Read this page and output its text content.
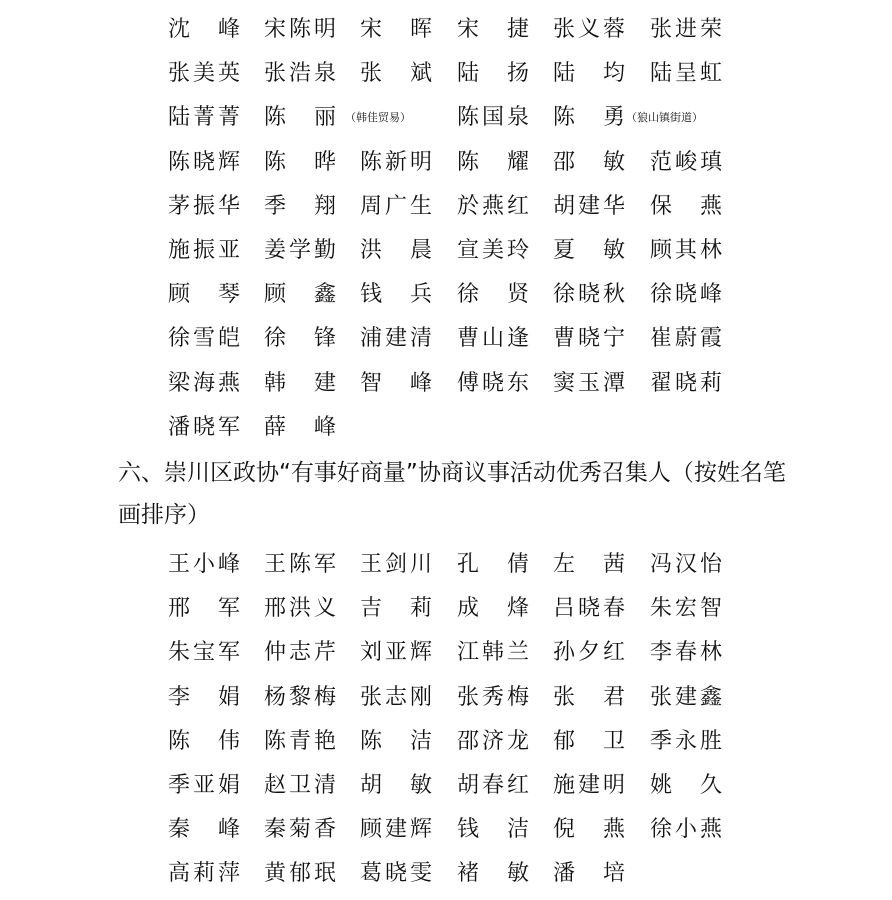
沈 峰 宋 陈 明 宋 晖 宋 捷 张 义 蓉 张 进 荣
张 美 英 张 浩 泉 张 斌 陆 扬 陆 均 陆 呈 虹
陆 菁 菁 陈 丽	陈 国 泉 陈 勇
（韩佳贸易）	（狼山镇街道）
陈 晓 辉 陈 晔 陈 新 明 陈 耀 邵 敏 范 峻 瑱
茅 振 华 季 翔 周 广 生 於 燕 红 胡 建 华 保 燕
施 振 亚 姜 学 勤 洪 晨 宣 美 玲 夏 敏 顾 其 林
顾 琴 顾 鑫 钱 兵 徐 贤 徐 晓 秋 徐 晓 峰
徐 雪 皑 徐 锋 浦 建 清 曹 山 逢 曹 晓 宁 崔 蔚 霞
梁 海 燕 韩 建 智 峰 傅 晓 东 窦 玉 潭 翟 晓 莉
潘 晓 军 薛 峰
六、崇川区政协“有事好商量”协商议事活动优秀召集人（按姓名笔画排序）
王 小 峰 王 陈 军 王 剑 川 孔 倩 左 茜 冯 汉 怡
邢 军 邢 洪 义 吉 莉 成 烽 吕 晓 春 朱 宏 智
朱 宝 军 仲 志 芹 刘 亚 辉 江 韩 兰 孙 夕 红 李 春 林
李 娟 杨 黎 梅 张 志 刚 张 秀 梅 张 君 张 建 鑫
陈 伟 陈 青 艳 陈 洁 邵 济 龙 郁 卫 季 永 胜
季 亚 娟 赵 卫 清 胡 敏 胡 春 红 施 建 明 姚 久
秦 峰 秦 菊 香 顾 建 辉 钱 洁 倪 燕 徐 小 燕
高 莉 萍 黄 郁 珉 葛 晓 雯 褚 敏 潘 培
